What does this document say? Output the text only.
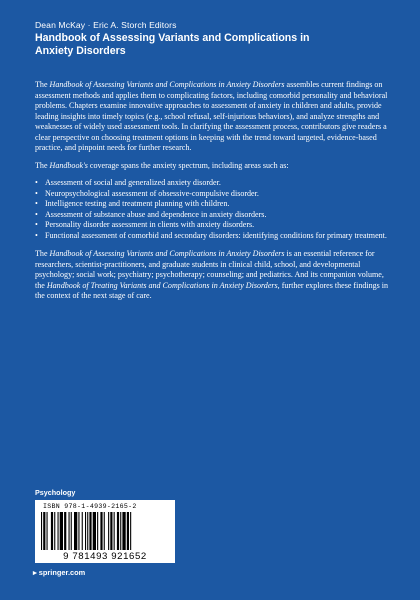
Dean McKay · Eric A. Storch Editors
Handbook of Assessing Variants and Complications in
Anxiety Disorders

The Handbook of Assessing Variants and Complications in Anxiety Disorders assembles current findings on assessment methods and applies them to complicating factors, including comorbid personality and behavioral problems. Chapters examine innovative approaches to assessment of anxiety in children and adults, provide leading insights into timely topics (e.g., school refusal, self-injurious behaviors), and analyze strengths and weaknesses of widely used assessment tools. In clarifying the assessment process, contributors give readers a clear perspective on choosing treatment options in keeping with the trend toward targeted, evidence-based practice, and pinpoint needs for further research.

The Handbook's coverage spans the anxiety spectrum, including areas such as:

• Assessment of social and generalized anxiety disorder.
• Neuropsychological assessment of obsessive-compulsive disorder.
• Intelligence testing and treatment planning with children.
• Assessment of substance abuse and dependence in anxiety disorders.
• Personality disorder assessment in clients with anxiety disorders.
• Functional assessment of comorbid and secondary disorders: identifying conditions for primary treatment.

The Handbook of Assessing Variants and Complications in Anxiety Disorders is an essential reference for researchers, scientist-practitioners, and graduate students in clinical child, school, and developmental psychology; social work; psychiatry; psychotherapy; counseling; and pediatrics. And its companion volume, the Handbook of Treating Variants and Complications in Anxiety Disorders, further explores these findings in the context of the next stage of care.

Psychology
ISBN 978-1-4939-2165-2
9 781493 921652
▸ springer.com
